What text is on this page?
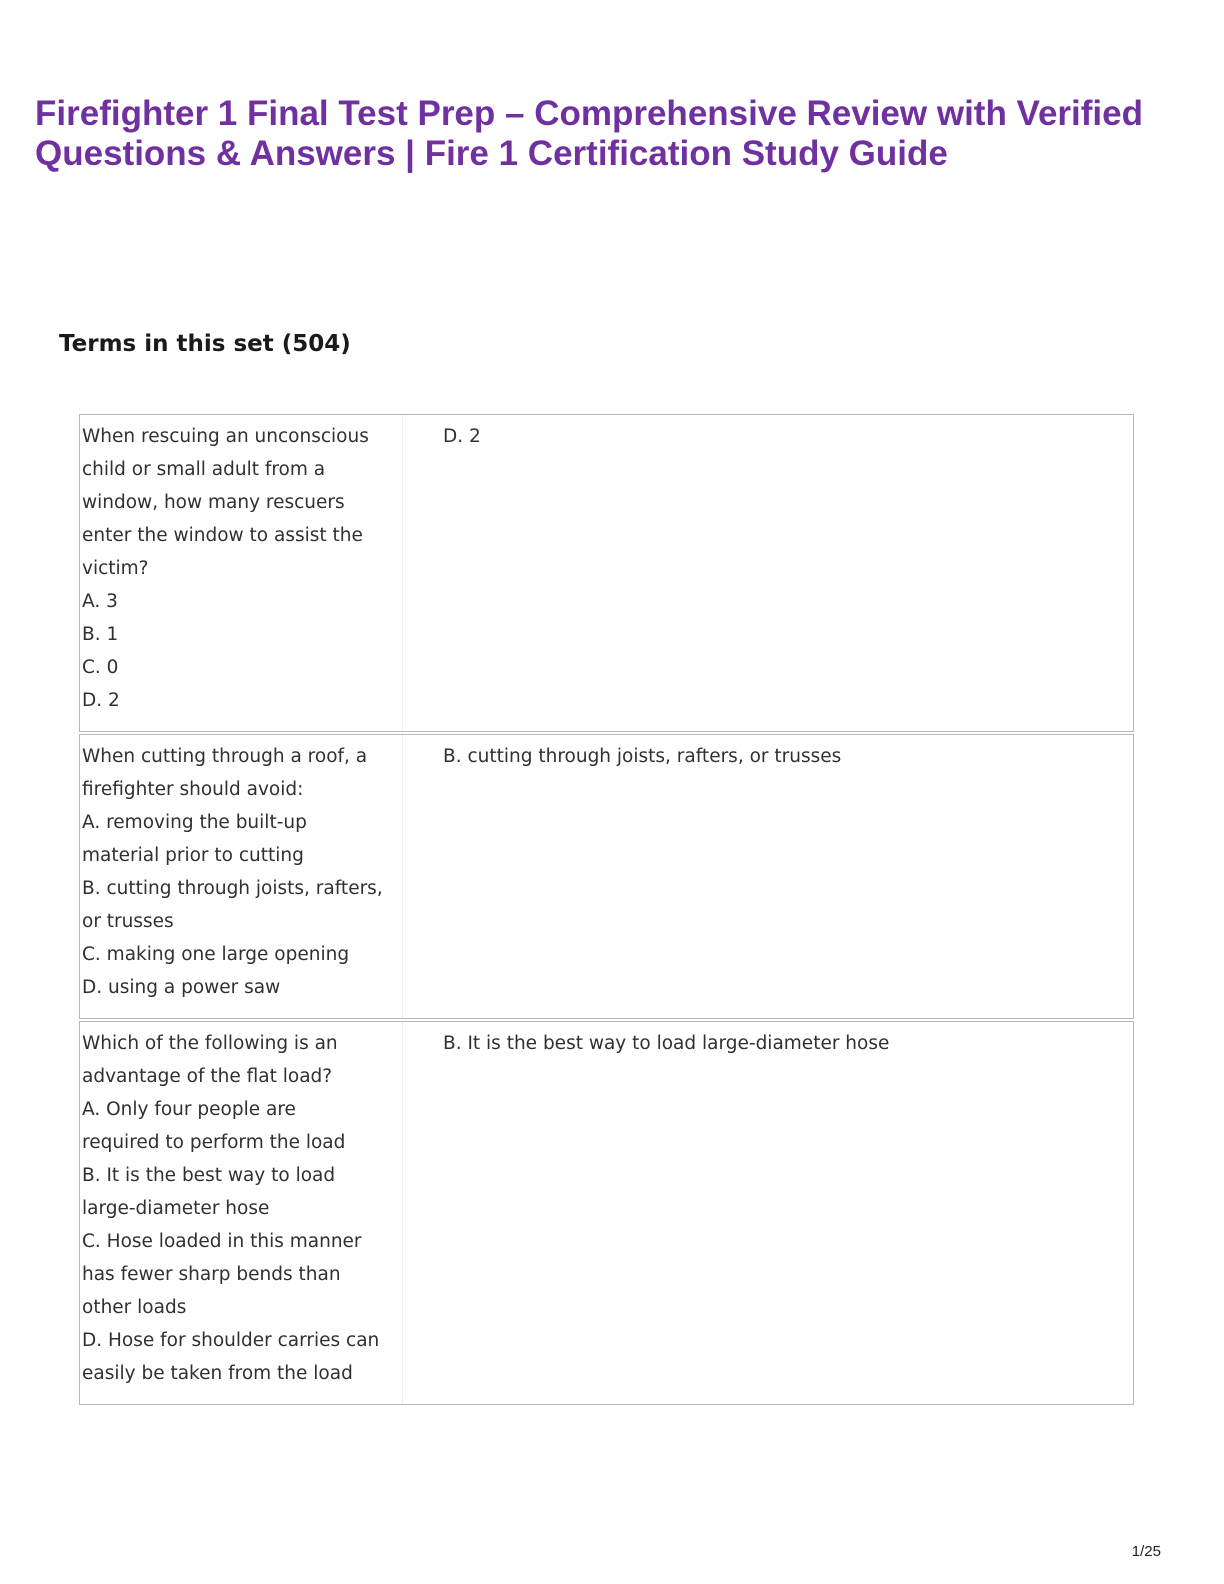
Firefighter 1 Final Test Prep – Comprehensive Review with Verified
Questions & Answers | Fire 1 Certification Study Guide
Terms in this set (504)
When rescuing an unconscious
child or small adult from a
window, how many rescuers
enter the window to assist the
victim?
A. 3
B. 1
C. 0
D. 2
D. 2
When cutting through a roof, a
firefighter should avoid:
A. removing the built-up
material prior to cutting
B. cutting through joists, rafters,
or trusses
C. making one large opening
D. using a power saw
B. cutting through joists, rafters, or trusses
Which of the following is an
advantage of the flat load?
A. Only four people are
required to perform the load
B. It is the best way to load
large-diameter hose
C. Hose loaded in this manner
has fewer sharp bends than
other loads
D. Hose for shoulder carries can
easily be taken from the load
B. It is the best way to load large-diameter hose
1/25
